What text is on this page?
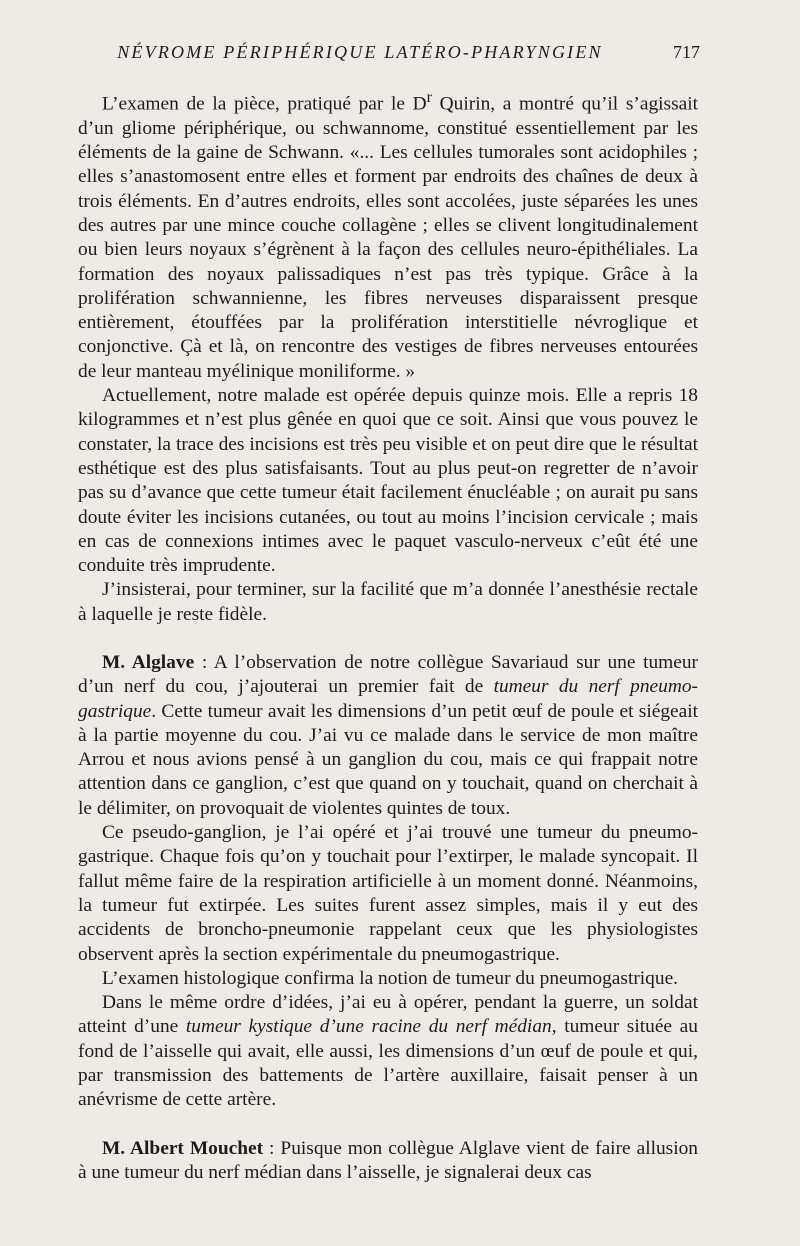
NÉVROME PÉRIPHÉRIQUE LATÉRO-PHARYNGIEN	717

L’examen de la pièce, pratiqué par le $D^r$ Quirin, a montré qu’il s’agissait d’un gliome périphérique, ou schwannome, constitué essentiellement par les éléments de la gaine de Schwann. «... Les cellules tumorales sont acidophiles ; elles s’anastomosent entre elles et forment par endroits des chaînes de deux à trois éléments. En d’autres endroits, elles sont accolées, juste séparées les unes des autres par une mince couche collagène ; elles se clivent longitudinalement ou bien leurs noyaux s’égrènent à la façon des cellules neuro-épithéliales. La formation des noyaux palissadiques n’est pas très typique. Grâce à la prolifération schwannienne, les fibres nerveuses disparaissent presque entièrement, étouffées par la prolifération interstitielle névroglique et conjonctive. Çà et là, on rencontre des vestiges de fibres nerveuses entourées de leur manteau myélinique moniliforme. »

Actuellement, notre malade est opérée depuis quinze mois. Elle a repris 18 kilogrammes et n’est plus gênée en quoi que ce soit. Ainsi que vous pouvez le constater, la trace des incisions est très peu visible et on peut dire que le résultat esthétique est des plus satisfaisants. Tout au plus peut-on regretter de n’avoir pas su d’avance que cette tumeur était facilement énucléable ; on aurait pu sans doute éviter les incisions cutanées, ou tout au moins l’incision cervicale ; mais en cas de connexions intimes avec le paquet vasculo-nerveux c’eût été une conduite très imprudente.

J’insisterai, pour terminer, sur la facilité que m’a donnée l’anesthésie rectale à laquelle je reste fidèle.

M. Alglave : A l’observation de notre collègue Savariaud sur une tumeur d’un nerf du cou, j’ajouterai un premier fait de tumeur du nerf pneumogastrique. Cette tumeur avait les dimensions d’un petit œuf de poule et siégeait à la partie moyenne du cou. J’ai vu ce malade dans le service de mon maître Arrou et nous avions pensé à un ganglion du cou, mais ce qui frappait notre attention dans ce ganglion, c’est que quand on y touchait, quand on cherchait à le délimiter, on provoquait de violentes quintes de toux.

Ce pseudo-ganglion, je l’ai opéré et j’ai trouvé une tumeur du pneumogastrique. Chaque fois qu’on y touchait pour l’extirper, le malade syncopait. Il fallut même faire de la respiration artificielle à un moment donné. Néanmoins, la tumeur fut extirpée. Les suites furent assez simples, mais il y eut des accidents de broncho-pneumonie rappelant ceux que les physiologistes observent après la section expérimentale du pneumogastrique.

L’examen histologique confirma la notion de tumeur du pneumogastrique.

Dans le même ordre d’idées, j’ai eu à opérer, pendant la guerre, un soldat atteint d’une tumeur kystique d’une racine du nerf médian, tumeur située au fond de l’aisselle qui avait, elle aussi, les dimensions d’un œuf de poule et qui, par transmission des battements de l’artère auxillaire, faisait penser à un anévrisme de cette artère.

M. Albert Mouchet : Puisque mon collègue Alglave vient de faire allusion à une tumeur du nerf médian dans l’aisselle, je signalerai deux cas
